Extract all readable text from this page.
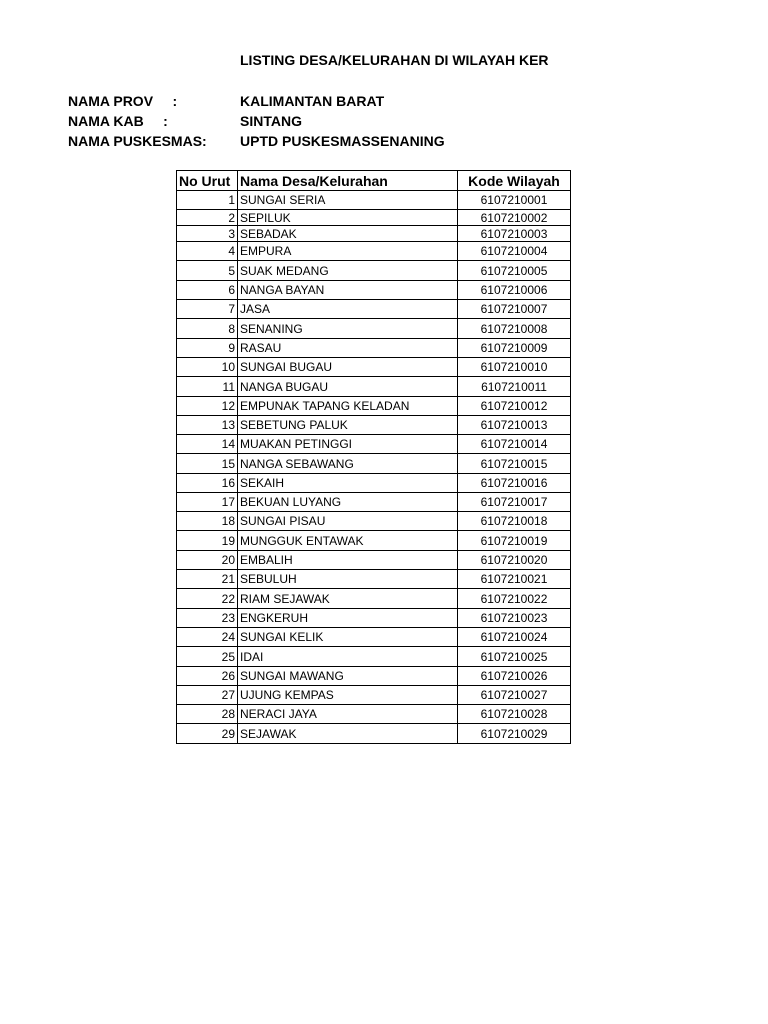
LISTING DESA/KELURAHAN DI WILAYAH KER
NAMA PROV     :	KALIMANTAN BARAT
NAMA KAB     :	SINTANG
NAMA PUSKESMAS: UPTD PUSKESMASSENANING
No Urut	Nama Desa/Kelurahan	Kode Wilayah
1	SUNGAI SERIA	6107210001
2	SEPILUK	6107210002
3	SEBADAK	6107210003
4	EMPURA	6107210004
5	SUAK MEDANG	6107210005
6	NANGA BAYAN	6107210006
7	JASA	6107210007
8	SENANING	6107210008
9	RASAU	6107210009
10	SUNGAI BUGAU	6107210010
11	NANGA BUGAU	6107210011
12	EMPUNAK TAPANG KELADAN	6107210012
13	SEBETUNG PALUK	6107210013
14	MUAKAN PETINGGI	6107210014
15	NANGA SEBAWANG	6107210015
16	SEKAIH	6107210016
17	BEKUAN LUYANG	6107210017
18	SUNGAI PISAU	6107210018
19	MUNGGUK ENTAWAK	6107210019
20	EMBALIH	6107210020
21	SEBULUH	6107210021
22	RIAM SEJAWAK	6107210022
23	ENGKERUH	6107210023
24	SUNGAI KELIK	6107210024
25	IDAI	6107210025
26	SUNGAI MAWANG	6107210026
27	UJUNG KEMPAS	6107210027
28	NERACI JAYA	6107210028
29	SEJAWAK	6107210029
